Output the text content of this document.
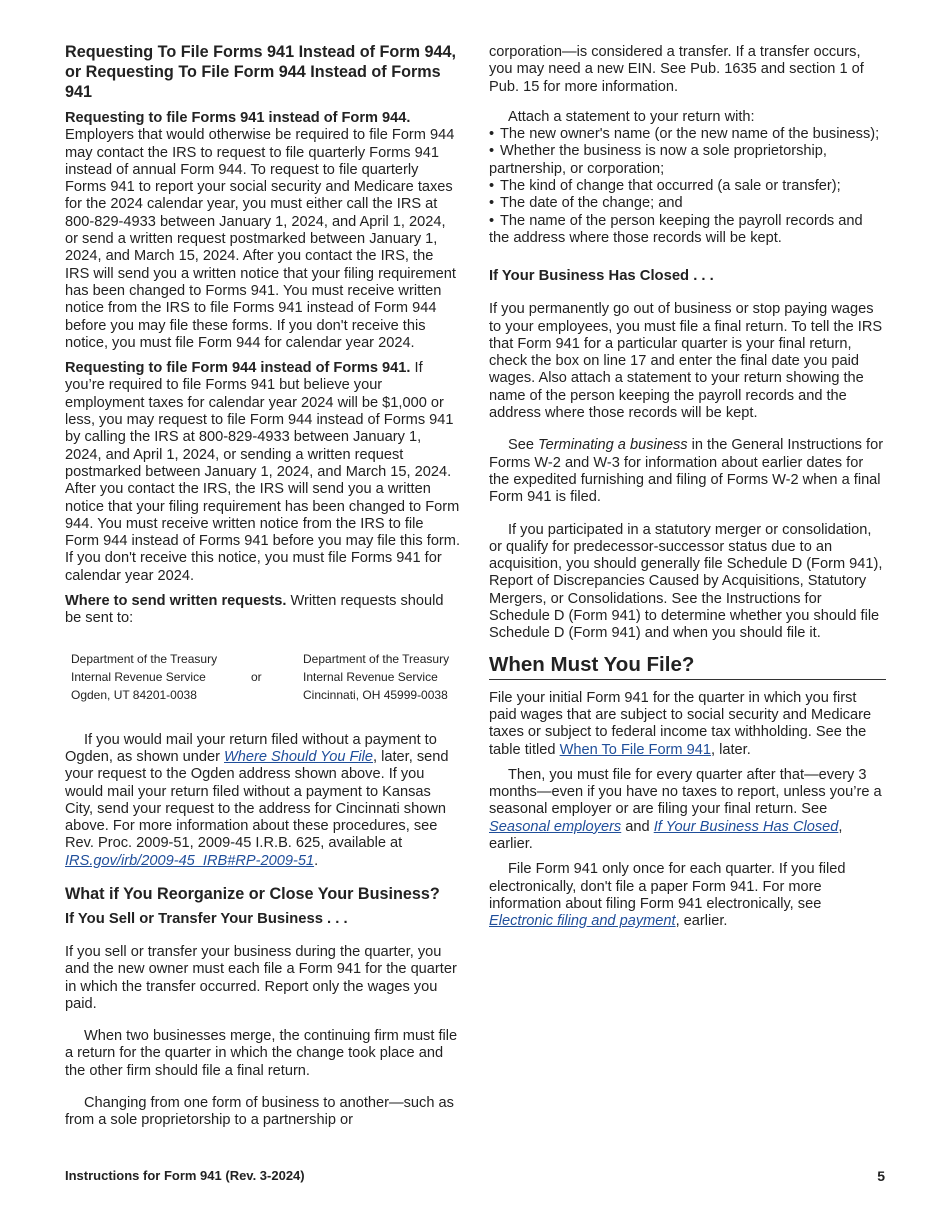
Requesting To File Forms 941 Instead of Form 944, or Requesting To File Form 944 Instead of Forms 941

Requesting to file Forms 941 instead of Form 944. Employers that would otherwise be required to file Form 944 may contact the IRS to request to file quarterly Forms 941 instead of annual Form 944. To request to file quarterly Forms 941 to report your social security and Medicare taxes for the 2024 calendar year, you must either call the IRS at 800-829-4933 between January 1, 2024, and April 1, 2024, or send a written request postmarked between January 1, 2024, and March 15, 2024. After you contact the IRS, the IRS will send you a written notice that your filing requirement has been changed to Forms 941. You must receive written notice from the IRS to file Forms 941 instead of Form 944 before you may file these forms. If you don't receive this notice, you must file Form 944 for calendar year 2024.

Requesting to file Form 944 instead of Forms 941. If you’re required to file Forms 941 but believe your employment taxes for calendar year 2024 will be $1,000 or less, you may request to file Form 944 instead of Forms 941 by calling the IRS at 800-829-4933 between January 1, 2024, and April 1, 2024, or sending a written request postmarked between January 1, 2024, and March 15, 2024. After you contact the IRS, the IRS will send you a written notice that your filing requirement has been changed to Form 944. You must receive written notice from the IRS to file Form 944 instead of Forms 941 before you may file this form. If you don't receive this notice, you must file Forms 941 for calendar year 2024.

Where to send written requests. Written requests should be sent to:

Department of the Treasury
Internal Revenue Service
Ogden, UT 84201-0038
or
Department of the Treasury
Internal Revenue Service
Cincinnati, OH 45999-0038

If you would mail your return filed without a payment to Ogden, as shown under Where Should You File, later, send your request to the Ogden address shown above. If you would mail your return filed without a payment to Kansas City, send your request to the address for Cincinnati shown above. For more information about these procedures, see Rev. Proc. 2009-51, 2009-45 I.R.B. 625, available at IRS.gov/irb/2009-45_IRB#RP-2009-51.

What if You Reorganize or Close Your Business?
If You Sell or Transfer Your Business . . .

If you sell or transfer your business during the quarter, you and the new owner must each file a Form 941 for the quarter in which the transfer occurred. Report only the wages you paid.

When two businesses merge, the continuing firm must file a return for the quarter in which the change took place and the other firm should file a final return.

Changing from one form of business to another—such as from a sole proprietorship to a partnership or

corporation—is considered a transfer. If a transfer occurs, you may need a new EIN. See Pub. 1635 and section 1 of Pub. 15 for more information.

Attach a statement to your return with:

• The new owner's name (or the new name of the business);
• Whether the business is now a sole proprietorship, partnership, or corporation;
• The kind of change that occurred (a sale or transfer);
• The date of the change; and
• The name of the person keeping the payroll records and the address where those records will be kept.
If Your Business Has Closed . . .

If you permanently go out of business or stop paying wages to your employees, you must file a final return. To tell the IRS that Form 941 for a particular quarter is your final return, check the box on line 17 and enter the final date you paid wages. Also attach a statement to your return showing the name of the person keeping the payroll records and the address where those records will be kept.

See Terminating a business in the General Instructions for Forms W-2 and W-3 for information about earlier dates for the expedited furnishing and filing of Forms W-2 when a final Form 941 is filed.

If you participated in a statutory merger or consolidation, or qualify for predecessor-successor status due to an acquisition, you should generally file Schedule D (Form 941), Report of Discrepancies Caused by Acquisitions, Statutory Mergers, or Consolidations. See the Instructions for Schedule D (Form 941) to determine whether you should file Schedule D (Form 941) and when you should file it.

When Must You File?

File your initial Form 941 for the quarter in which you first paid wages that are subject to social security and Medicare taxes or subject to federal income tax withholding. See the table titled When To File Form 941, later.

Then, you must file for every quarter after that—every 3 months—even if you have no taxes to report, unless you’re a seasonal employer or are filing your final return. See Seasonal employers and If Your Business Has Closed, earlier.

File Form 941 only once for each quarter. If you filed electronically, don't file a paper Form 941. For more information about filing Form 941 electronically, see Electronic filing and payment, earlier.

Instructions for Form 941 (Rev. 3-2024)	5
